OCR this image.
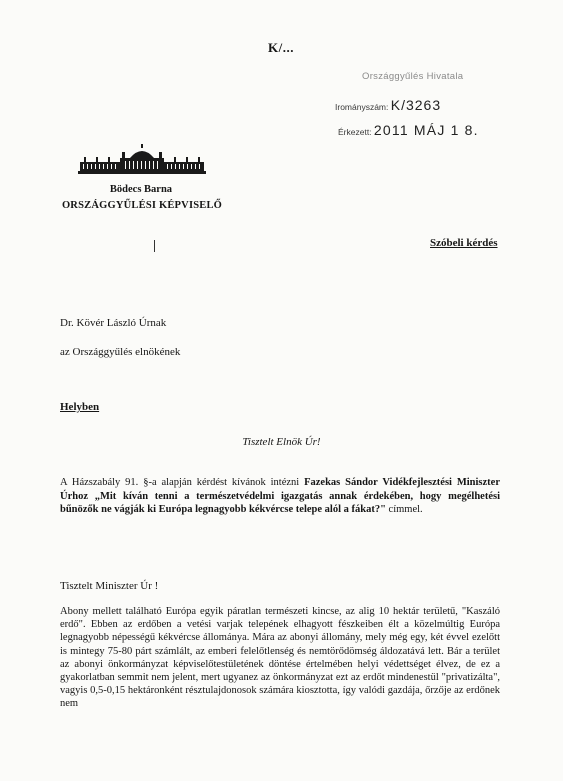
K/...
Országgyűlés Hivatala
Irományszám: K/3263
Érkezett: 2011 MÁJ 1 8.
Bödecs Barna
ORSZÁGGYŰLÉSI KÉPVISELŐ
Szóbeli kérdés
Dr. Kövér László Úrnak
az Országgyűlés elnökének
Helyben
Tisztelt Elnök Úr!
A Házszabály 91. §-a alapján kérdést kívánok intézni Fazekas Sándor Vidékfejlesztési Miniszter Úrhoz „Mit kíván tenni a természetvédelmi igazgatás annak érdekében, hogy megélhetési bűnözők ne vágják ki Európa legnagyobb kékvércse telepe alól a fákat?" címmel.
Tisztelt Miniszter Úr !
Abony mellett található Európa egyik páratlan természeti kincse, az alig 10 hektár területű, "Kaszáló erdő". Ebben az erdőben a vetési varjak telepének elhagyott fészkeiben élt a közelmúltig Európa legnagyobb népességű kékvércse állománya. Mára az abonyi állomány, mely még egy, két évvel ezelőtt is mintegy 75-80 párt számlált, az emberi felelőtlenség és nemtörődömség áldozatává lett. Bár a terület az abonyi önkormányzat képviselőtestületének döntése értelmében helyi védettséget élvez, de ez a gyakorlatban semmit nem jelent, mert ugyanez az önkormányzat ezt az erdőt mindenestül "privatizálta", vagyis 0,5-0,15 hektáronként résztulajdonosok számára kiosztotta, így valódi gazdája, őrzője az erdőnek nem
